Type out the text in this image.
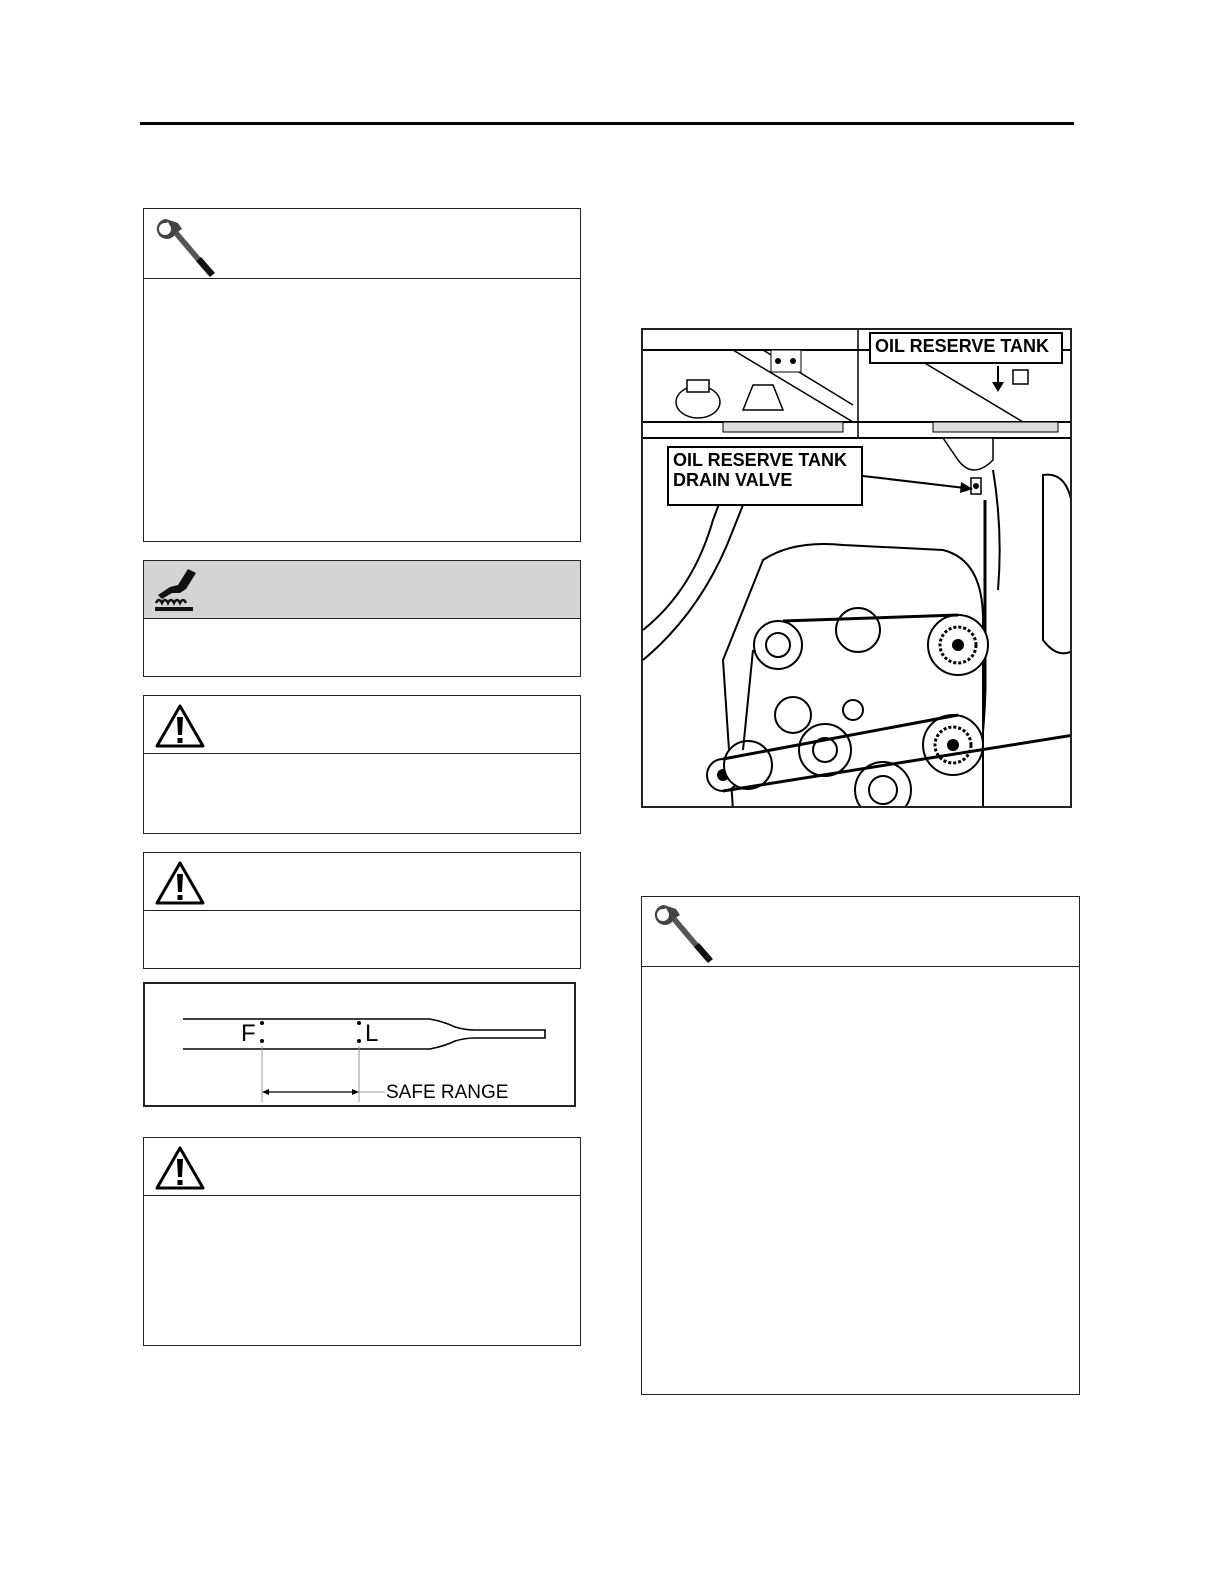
F	L
SAFE RANGE
OIL RESERVE TANK
OIL RESERVE TANK
DRAIN VALVE
